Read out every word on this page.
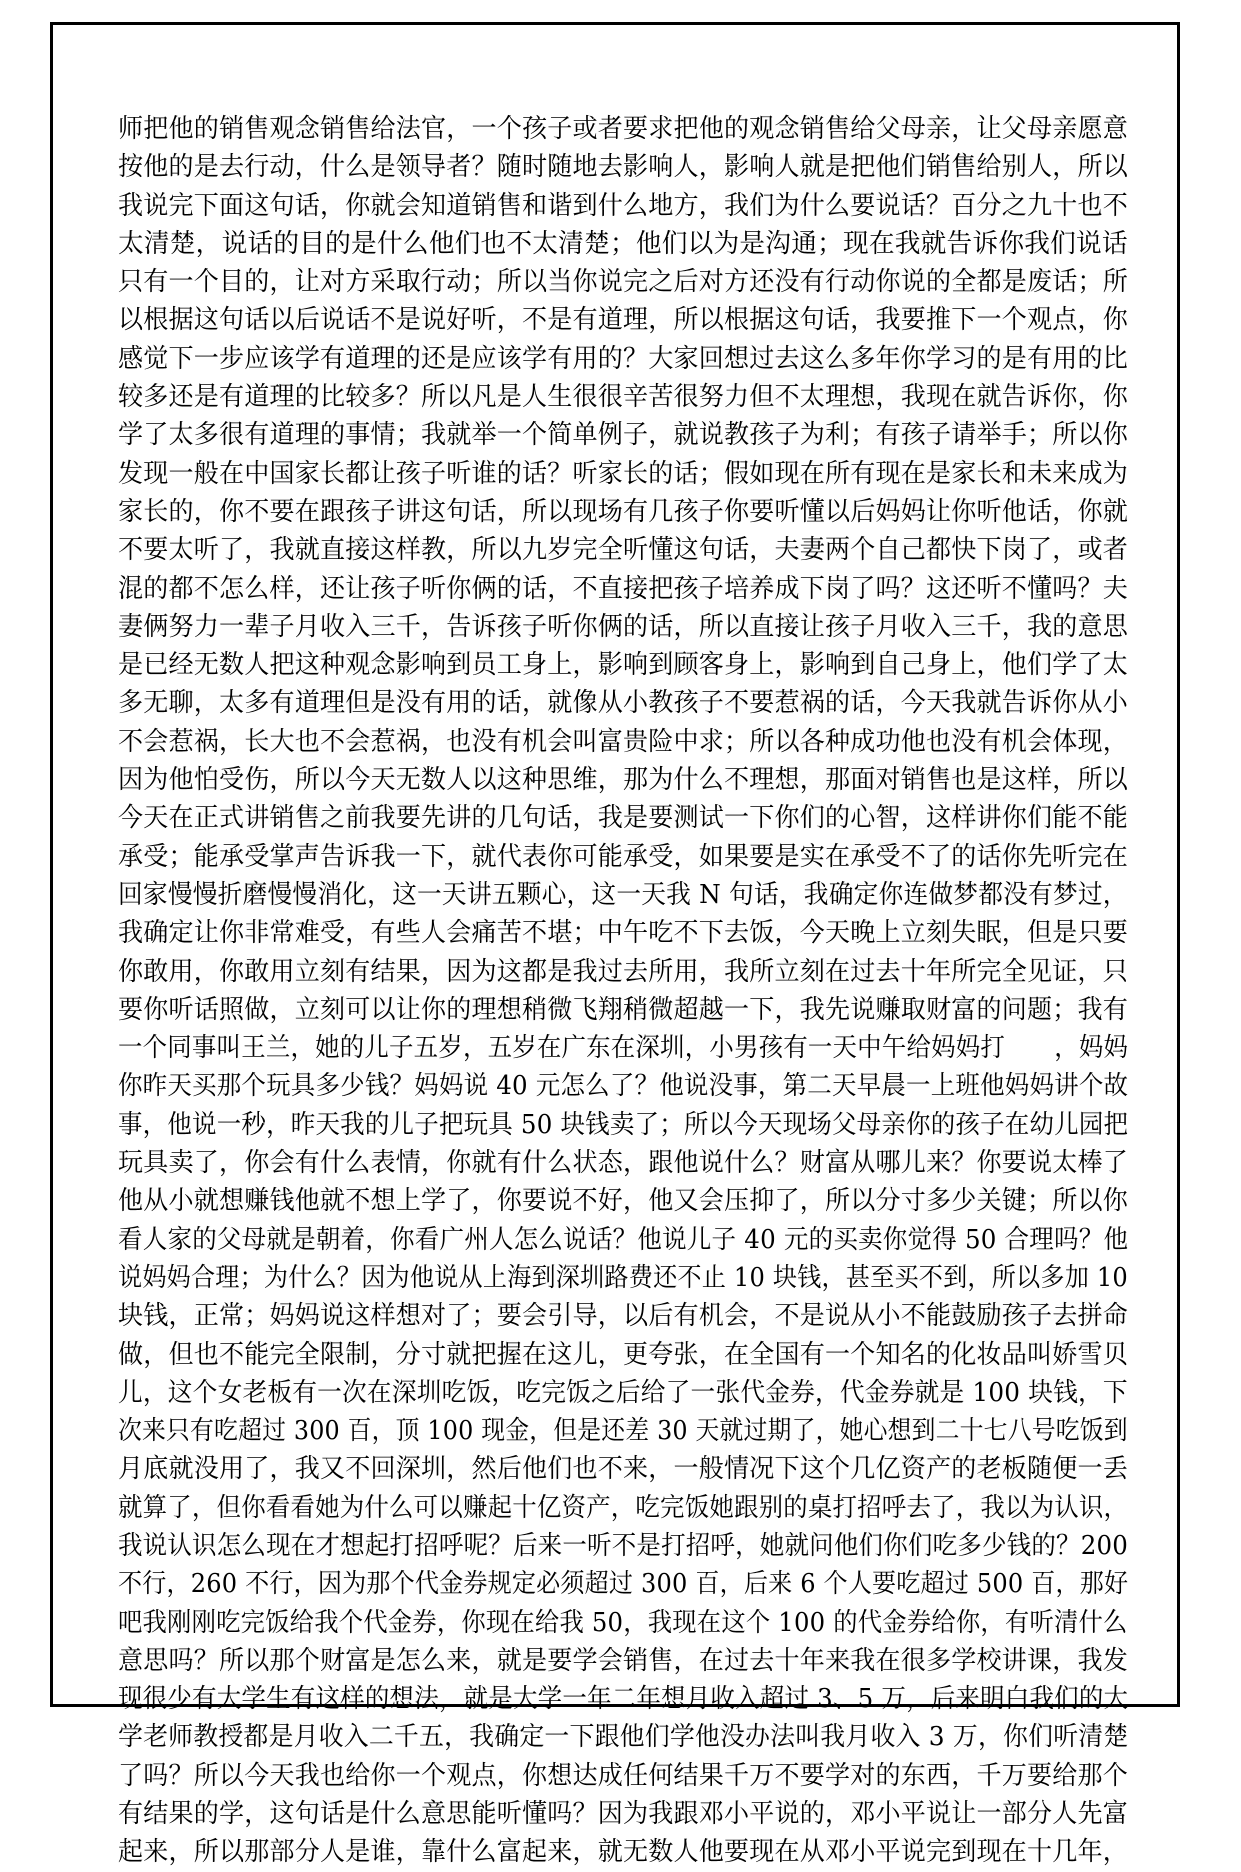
师把他的销售观念销售给法官，一个孩子或者要求把他的观念销售给父母亲，让父母亲愿意
按他的是去行动，什么是领导者？随时随地去影响人，影响人就是把他们销售给别人，所以
我说完下面这句话，你就会知道销售和谐到什么地方，我们为什么要说话？百分之九十也不
太清楚，说话的目的是什么他们也不太清楚；他们以为是沟通；现在我就告诉你我们说话
只有一个目的，让对方采取行动；所以当你说完之后对方还没有行动你说的全都是废话；所
以根据这句话以后说话不是说好听，不是有道理，所以根据这句话，我要推下一个观点，你
感觉下一步应该学有道理的还是应该学有用的？大家回想过去这么多年你学习的是有用的比
较多还是有道理的比较多？所以凡是人生很很辛苦很努力但不太理想，我现在就告诉你，你
学了太多很有道理的事情；我就举一个简单例子，就说教孩子为利；有孩子请举手；所以你
发现一般在中国家长都让孩子听谁的话？听家长的话；假如现在所有现在是家长和未来成为
家长的，你不要在跟孩子讲这句话，所以现场有几孩子你要听懂以后妈妈让你听他话，你就
不要太听了，我就直接这样教，所以九岁完全听懂这句话，夫妻两个自己都快下岗了，或者
混的都不怎么样，还让孩子听你俩的话，不直接把孩子培养成下岗了吗？这还听不懂吗？夫
妻俩努力一辈子月收入三千，告诉孩子听你俩的话，所以直接让孩子月收入三千，我的意思
是已经无数人把这种观念影响到员工身上，影响到顾客身上，影响到自己身上，他们学了太
多无聊，太多有道理但是没有用的话，就像从小教孩子不要惹祸的话，今天我就告诉你从小
不会惹祸，长大也不会惹祸，也没有机会叫富贵险中求；所以各种成功他也没有机会体现，
因为他怕受伤，所以今天无数人以这种思维，那为什么不理想，那面对销售也是这样，所以
今天在正式讲销售之前我要先讲的几句话，我是要测试一下你们的心智，这样讲你们能不能
承受；能承受掌声告诉我一下，就代表你可能承受，如果要是实在承受不了的话你先听完在
回家慢慢折磨慢慢消化，这一天讲五颗心，这一天我 N 句话，我确定你连做梦都没有梦过，
我确定让你非常难受，有些人会痛苦不堪；中午吃不下去饭，今天晚上立刻失眠，但是只要
你敢用，你敢用立刻有结果，因为这都是我过去所用，我所立刻在过去十年所完全见证，只
要你听话照做，立刻可以让你的理想稍微飞翔稍微超越一下，我先说赚取财富的问题；我有
一个同事叫王兰，她的儿子五岁，五岁在广东在深圳，小男孩有一天中午给妈妈打　　，妈妈
你昨天买那个玩具多少钱？妈妈说 40 元怎么了？他说没事，第二天早晨一上班他妈妈讲个故
事，他说一秒，昨天我的儿子把玩具 50 块钱卖了；所以今天现场父母亲你的孩子在幼儿园把
玩具卖了，你会有什么表情，你就有什么状态，跟他说什么？财富从哪儿来？你要说太棒了
他从小就想赚钱他就不想上学了，你要说不好，他又会压抑了，所以分寸多少关键；所以你
看人家的父母就是朝着，你看广州人怎么说话？他说儿子 40 元的买卖你觉得 50 合理吗？他
说妈妈合理；为什么？因为他说从上海到深圳路费还不止 10 块钱，甚至买不到，所以多加 10
块钱，正常；妈妈说这样想对了；要会引导，以后有机会，不是说从小不能鼓励孩子去拼命
做，但也不能完全限制，分寸就把握在这儿，更夸张，在全国有一个知名的化妆品叫娇雪贝
儿，这个女老板有一次在深圳吃饭，吃完饭之后给了一张代金券，代金券就是 100 块钱，下
次来只有吃超过 300 百，顶 100 现金，但是还差 30 天就过期了，她心想到二十七八号吃饭到
月底就没用了，我又不回深圳，然后他们也不来，一般情况下这个几亿资产的老板随便一丢
就算了，但你看看她为什么可以赚起十亿资产，吃完饭她跟别的桌打招呼去了，我以为认识，
我说认识怎么现在才想起打招呼呢？后来一听不是打招呼，她就问他们你们吃多少钱的？200
不行，260 不行，因为那个代金券规定必须超过 300 百，后来 6 个人要吃超过 500 百，那好
吧我刚刚吃完饭给我个代金券，你现在给我 50，我现在这个 100 的代金券给你，有听清什么
意思吗？所以那个财富是怎么来，就是要学会销售，在过去十年来我在很多学校讲课，我发
现很少有大学生有这样的想法，就是大学一年二年想月收入超过 3、5 万，后来明白我们的大
学老师教授都是月收入二千五，我确定一下跟他们学他没办法叫我月收入 3 万，你们听清楚
了吗？所以今天我也给你一个观点，你想达成任何结果千万不要学对的东西，千万要给那个
有结果的学，这句话是什么意思能听懂吗？因为我跟邓小平说的，邓小平说让一部分人先富
起来，所以那部分人是谁，靠什么富起来，就无数人他要现在从邓小平说完到现在十几年，
